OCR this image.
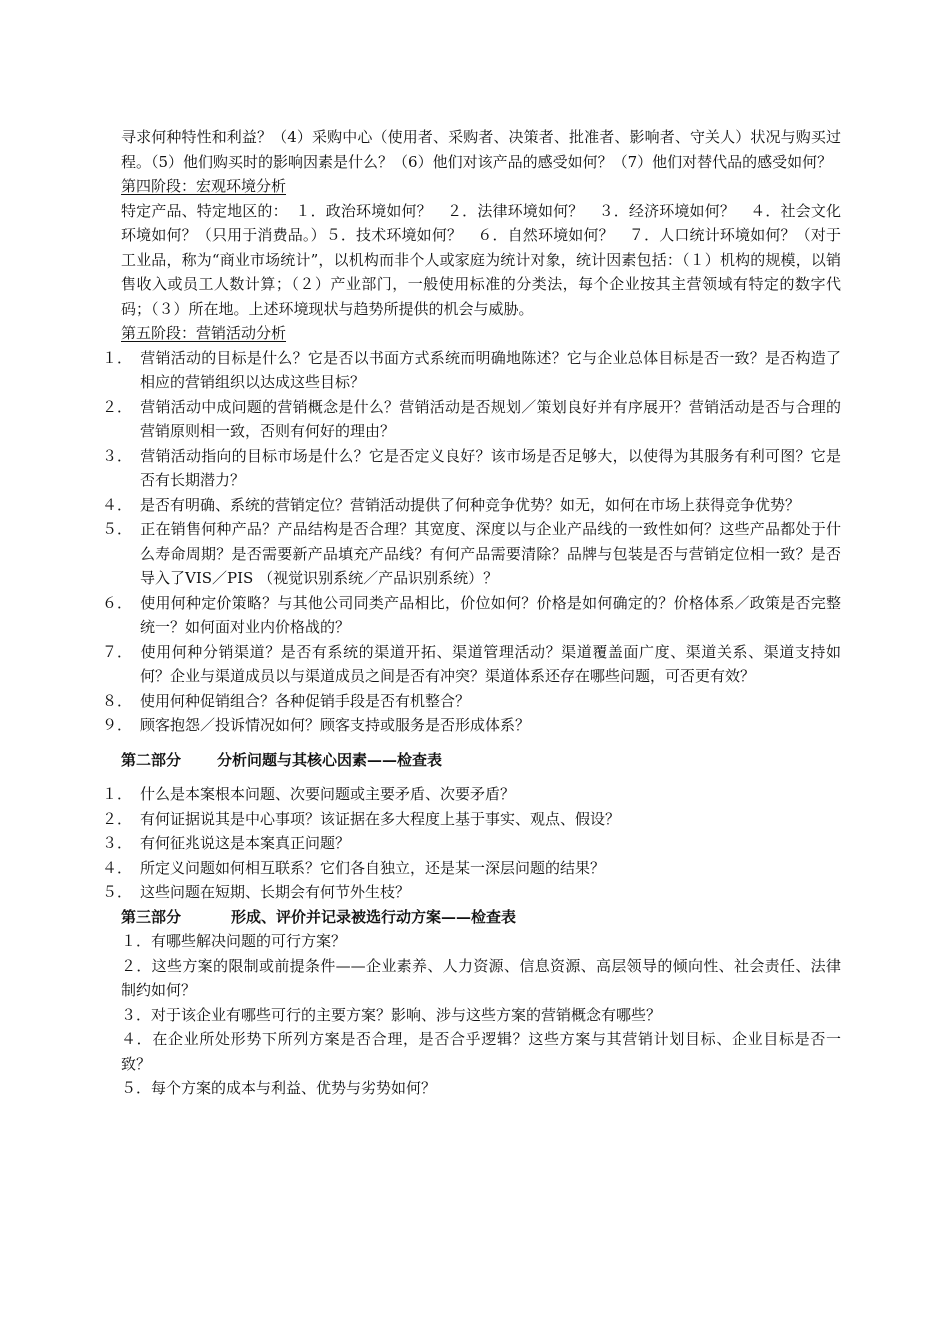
寻求何种特性和利益？（4）采购中心（使用者、采购者、决策者、批准者、影响者、守关人）状况与购买过程。（5）他们购买时的影响因素是什么？（6）他们对该产品的感受如何？（7）他们对替代品的感受如何？

第四阶段：宏观环境分析

特定产品、特定地区的：　１．政治环境如何？　２．法律环境如何？　３．经济环境如何？　４．社会文化环境如何？（只用于消费品。）５．技术环境如何？　６．自然环境如何？　７．人口统计环境如何？（对于工业品，称为“商业市场统计”，以机构而非个人或家庭为统计对象，统计因素包括：（１）机构的规模，以销售收入或员工人数计算；（２）产业部门，一般使用标准的分类法，每个企业按其主营领域有特定的数字代码；（３）所在地。上述环境现状与趋势所提供的机会与威胁。

第五阶段：营销活动分析

１． 营销活动的目标是什么？它是否以书面方式系统而明确地陈述？它与企业总体目标是否一致？是否构造了相应的营销组织以达成这些目标？

２． 营销活动中成问题的营销概念是什么？营销活动是否规划／策划良好并有序展开？营销活动是否与合理的营销原则相一致，否则有何好的理由？

３． 营销活动指向的目标市场是什么？它是否定义良好？该市场是否足够大，以使得为其服务有利可图？它是否有长期潜力？

４． 是否有明确、系统的营销定位？营销活动提供了何种竞争优势？如无，如何在市场上获得竞争优势？

５． 正在销售何种产品？产品结构是否合理？其宽度、深度以与企业产品线的一致性如何？这些产品都处于什么寿命周期？是否需要新产品填充产品线？有何产品需要清除？品牌与包装是否与营销定位相一致？是否导入了VIS／PIS （视觉识别系统／产品识别系统）？

６． 使用何种定价策略？与其他公司同类产品相比，价位如何？价格是如何确定的？价格体系／政策是否完整统一？如何面对业内价格战的？

７． 使用何种分销渠道？是否有系统的渠道开拓、渠道管理活动？渠道覆盖面广度、渠道关系、渠道支持如何？企业与渠道成员以与渠道成员之间是否有冲突？渠道体系还存在哪些问题，可否更有效？

８． 使用何种促销组合？各种促销手段是否有机整合？

９． 顾客抱怨／投诉情况如何？顾客支持或服务是否形成体系？

第二部分 分析问题与其核心因素——检查表

１． 什么是本案根本问题、次要问题或主要矛盾、次要矛盾？

２． 有何证据说其是中心事项？该证据在多大程度上基于事实、观点、假设？

３． 有何征兆说这是本案真正问题？

４． 所定义问题如何相互联系？它们各自独立，还是某一深层问题的结果？

５． 这些问题在短期、长期会有何节外生枝？

第三部分	形成、评价并记录被选行动方案——检查表

１．有哪些解决问题的可行方案？

２．这些方案的限制或前提条件——企业素养、人力资源、信息资源、高层领导的倾向性、社会责任、法律制约如何？

３．对于该企业有哪些可行的主要方案？影响、涉与这些方案的营销概念有哪些？

４．在企业所处形势下所列方案是否合理，是否合乎逻辑？这些方案与其营销计划目标、企业目标是否一致？

５．每个方案的成本与利益、优势与劣势如何？
